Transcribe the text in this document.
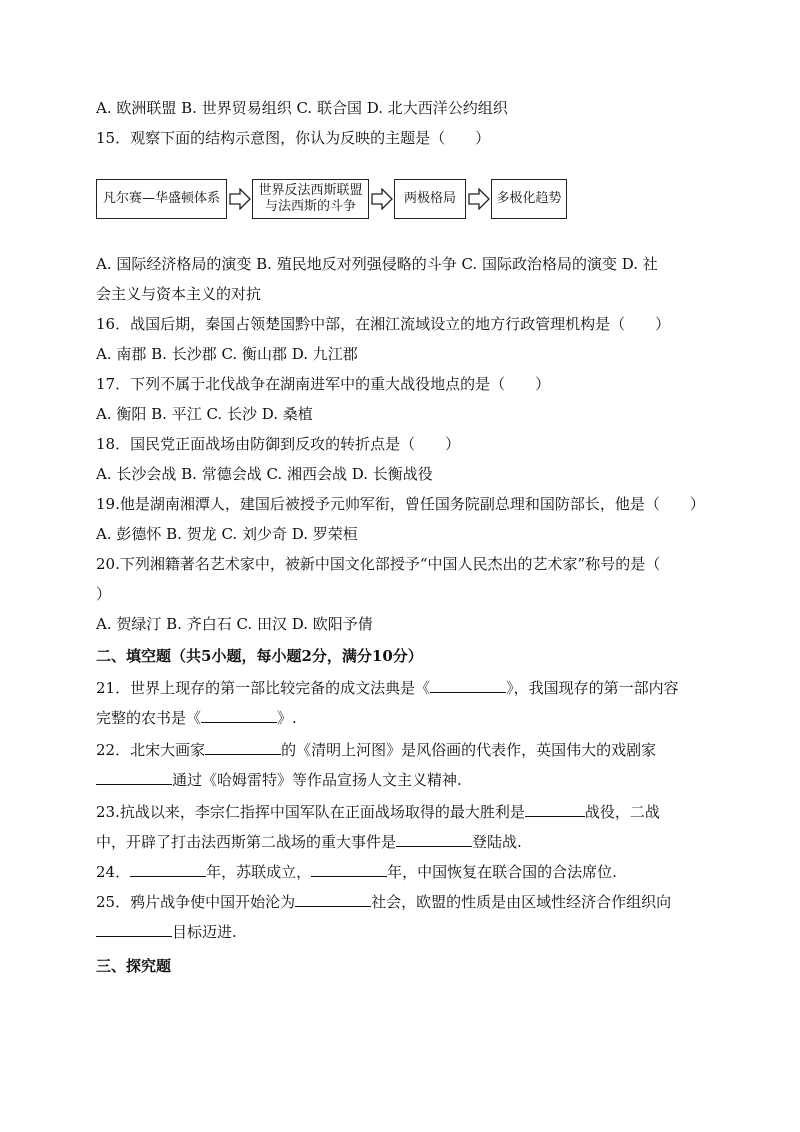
A. 欧洲联盟 B. 世界贸易组织 C. 联合国 D. 北大西洋公约组织
15．观察下面的结构示意图，你认为反映的主题是（　　）
凡尔赛—华盛顿体系
世界反法西斯联盟与法西斯的斗争
两极格局	多极化趋势
A. 国际经济格局的演变 B. 殖民地反对列强侵略的斗争 C. 国际政治格局的演变 D. 社
会主义与资本主义的对抗
16．战国后期，秦国占领楚国黔中部，在湘江流域设立的地方行政管理机构是（　　）
A. 南郡 B. 长沙郡 C. 衡山郡 D. 九江郡
17．下列不属于北伐战争在湖南进军中的重大战役地点的是（　　）
A. 衡阳 B. 平江 C. 长沙 D. 桑植
18．国民党正面战场由防御到反攻的转折点是（　　）
A. 长沙会战 B. 常德会战 C. 湘西会战 D. 长衡战役
19.他是湖南湘潭人，建国后被授予元帅军衔，曾任国务院副总理和国防部长，他是（　　）
A. 彭德怀 B. 贺龙 C. 刘少奇 D. 罗荣桓
20.下列湘籍著名艺术家中，被新中国文化部授予“中国人民杰出的艺术家”称号的是（
）
A. 贺绿汀 B. 齐白石 C. 田汉 D. 欧阳予倩
二、填空题（共5小题，每小题2分，满分10分）
21．世界上现存的第一部比较完备的成文法典是《	》，我国现存的第一部内容
完整的农书是《	》.
22．北宋大画家	的《清明上河图》是风俗画的代表作，英国伟大的戏剧家
通过《哈姆雷特》等作品宣扬人文主义精神.
23.抗战以来，李宗仁指挥中国军队在正面战场取得的最大胜利是	战役，二战
中，开辟了打击法西斯第二战场的重大事件是	登陆战.
24．	年，苏联成立，	年，中国恢复在联合国的合法席位.
25．鸦片战争使中国开始沦为	社会，欧盟的性质是由区域性经济合作组织向
目标迈进.
三、探究题
